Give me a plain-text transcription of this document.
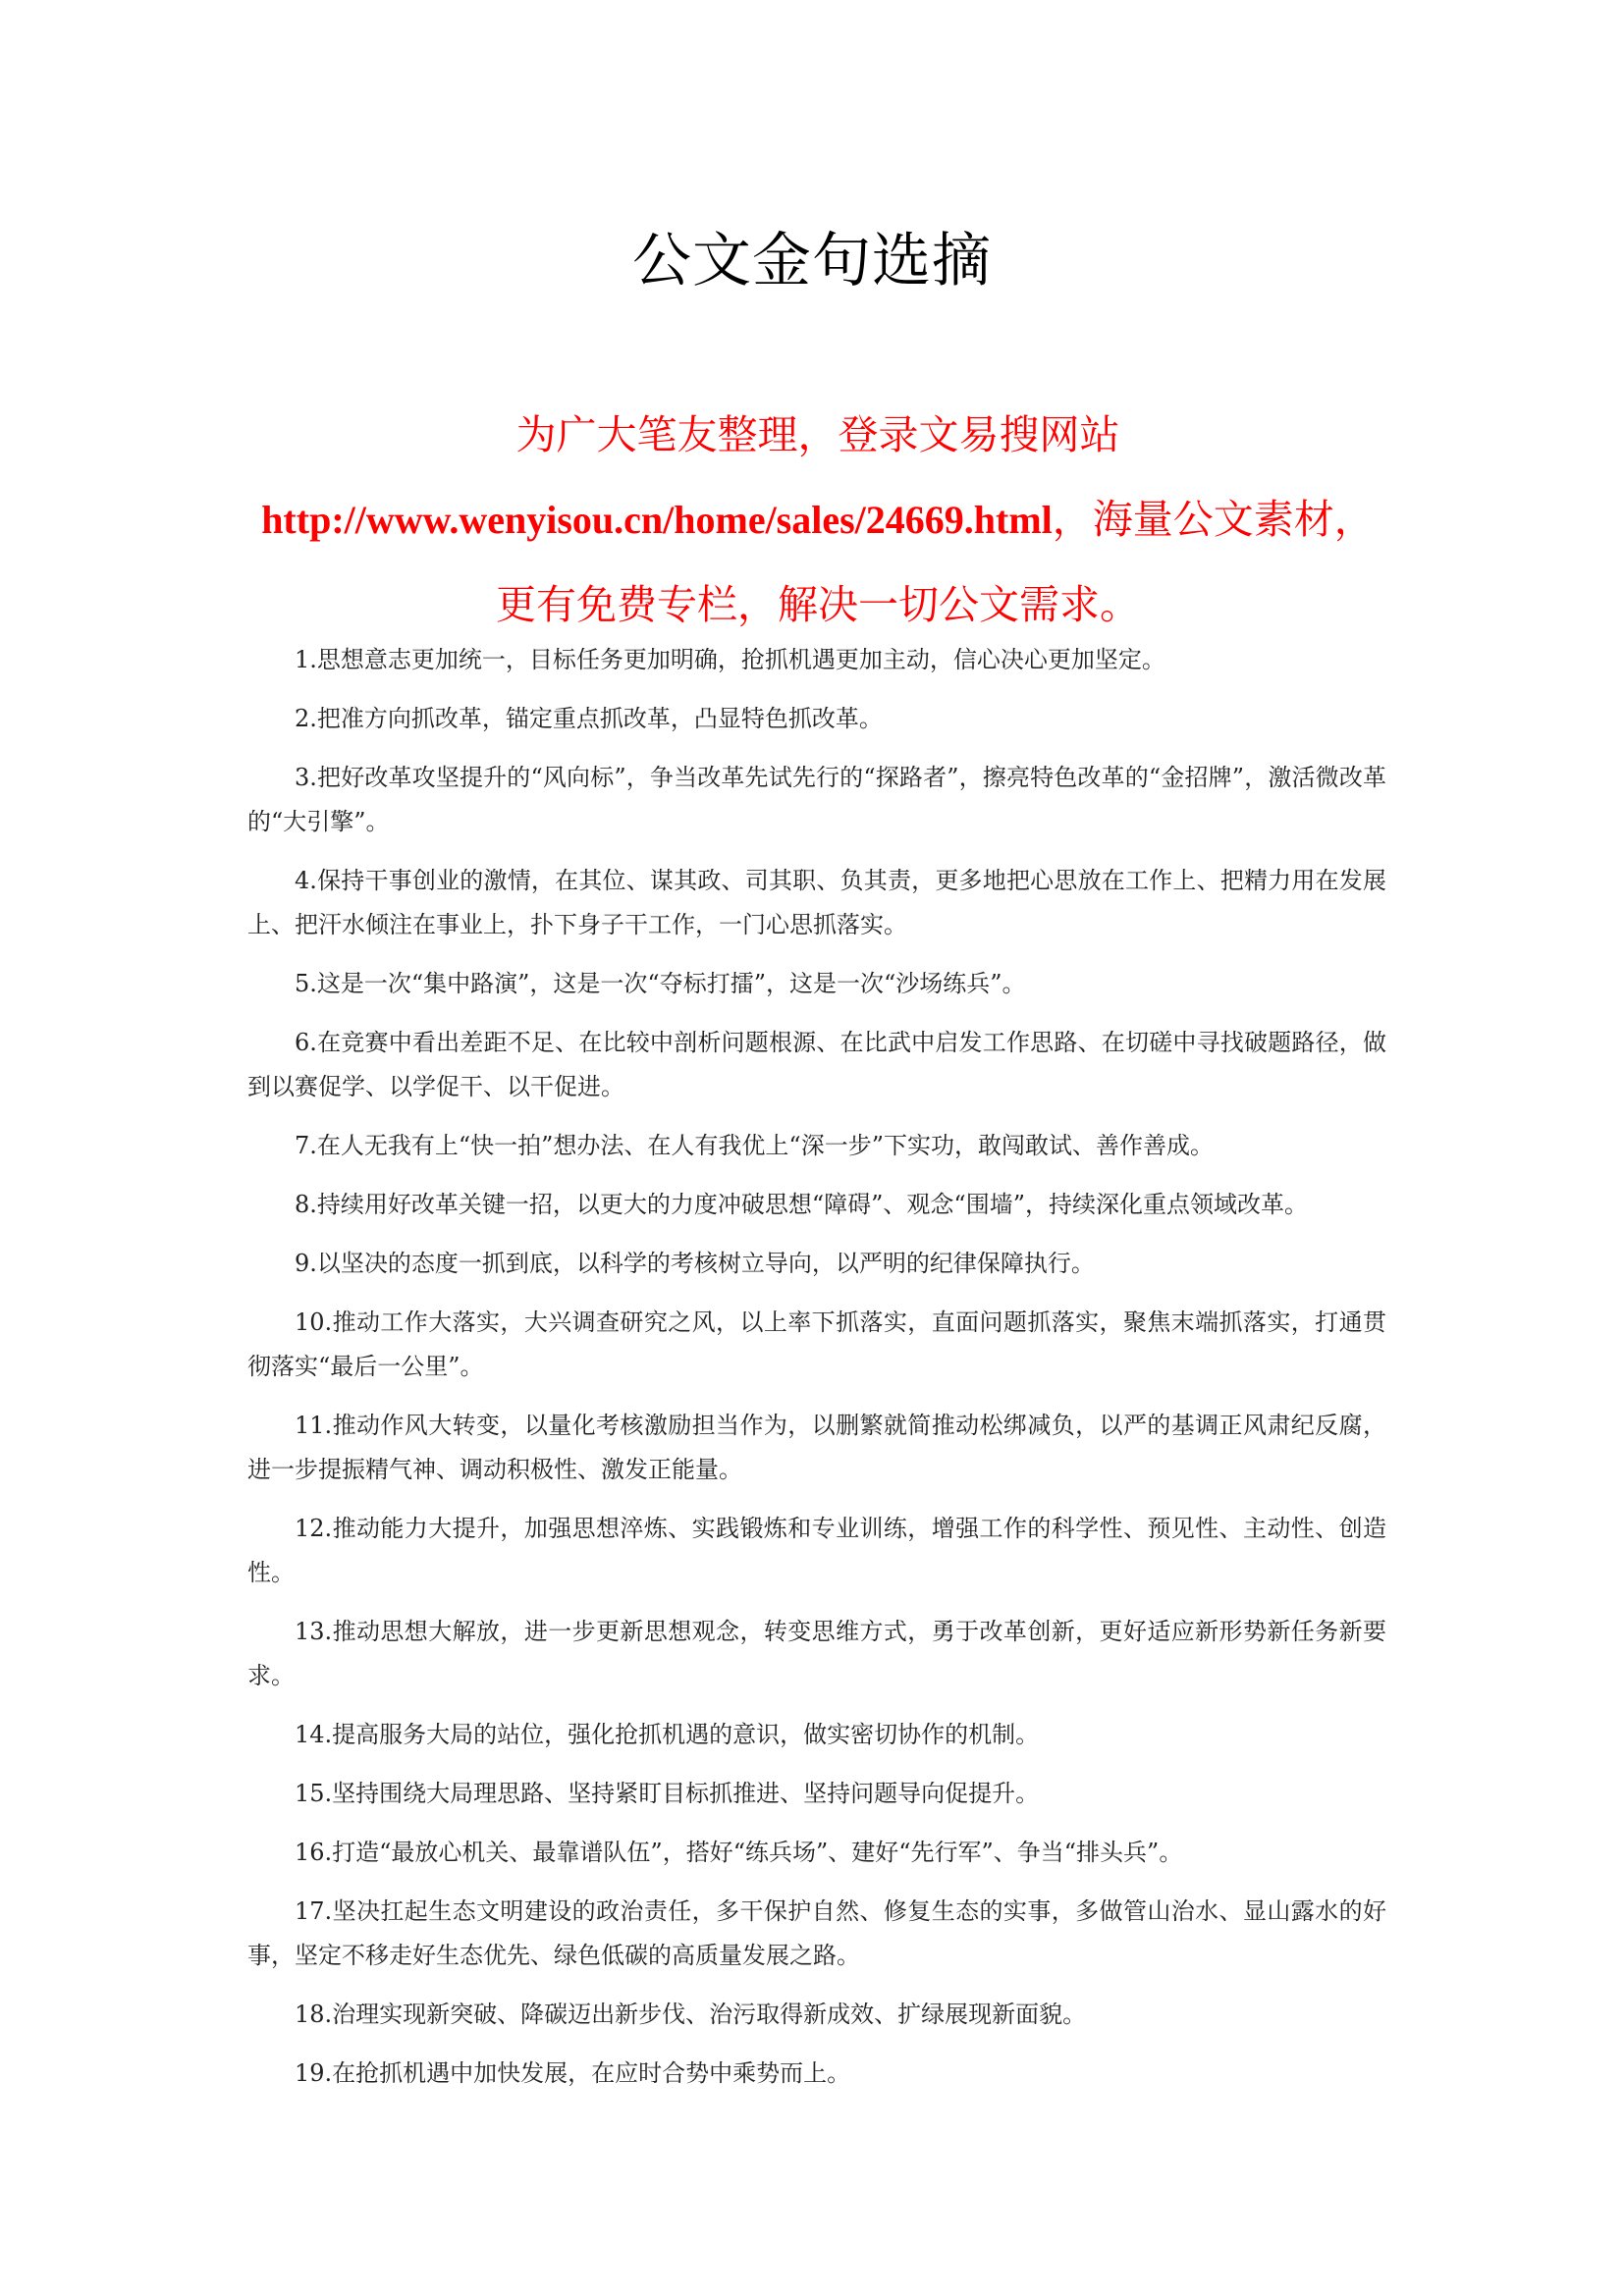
公文金句选摘
为广大笔友整理，登录文易搜网站http://www.wenyisou.cn/home/sales/24669.html，海量公文素材，更有免费专栏，解决一切公文需求。

1.思想意志更加统一，目标任务更加明确，抢抓机遇更加主动，信心决心更加坚定。

2.把准方向抓改革，锚定重点抓改革，凸显特色抓改革。

3.把好改革攻坚提升的“风向标”，争当改革先试先行的“探路者”，擦亮特色改革的“金招牌”，激活微改革的“大引擎”。

4.保持干事创业的激情，在其位、谋其政、司其职、负其责，更多地把心思放在工作上、把精力用在发展上、把汗水倾注在事业上，扑下身子干工作，一门心思抓落实。

5.这是一次“集中路演”，这是一次“夺标打擂”，这是一次“沙场练兵”。

6.在竞赛中看出差距不足、在比较中剖析问题根源、在比武中启发工作思路、在切磋中寻找破题路径，做到以赛促学、以学促干、以干促进。

7.在人无我有上“快一拍”想办法、在人有我优上“深一步”下实功，敢闯敢试、善作善成。

8.持续用好改革关键一招，以更大的力度冲破思想“障碍”、观念“围墙”，持续深化重点领域改革。

9.以坚决的态度一抓到底，以科学的考核树立导向，以严明的纪律保障执行。

10.推动工作大落实，大兴调查研究之风，以上率下抓落实，直面问题抓落实，聚焦末端抓落实，打通贯彻落实“最后一公里”。

11.推动作风大转变，以量化考核激励担当作为，以删繁就简推动松绑减负，以严的基调正风肃纪反腐，进一步提振精气神、调动积极性、激发正能量。

12.推动能力大提升，加强思想淬炼、实践锻炼和专业训练，增强工作的科学性、预见性、主动性、创造性。

13.推动思想大解放，进一步更新思想观念，转变思维方式，勇于改革创新，更好适应新形势新任务新要求。

14.提高服务大局的站位，强化抢抓机遇的意识，做实密切协作的机制。

15.坚持围绕大局理思路、坚持紧盯目标抓推进、坚持问题导向促提升。

16.打造“最放心机关、最靠谱队伍”，搭好“练兵场”、建好“先行军”、争当“排头兵”。

17.坚决扛起生态文明建设的政治责任，多干保护自然、修复生态的实事，多做管山治水、显山露水的好事，坚定不移走好生态优先、绿色低碳的高质量发展之路。

18.治理实现新突破、降碳迈出新步伐、治污取得新成效、扩绿展现新面貌。

19.在抢抓机遇中加快发展，在应时合势中乘势而上。
